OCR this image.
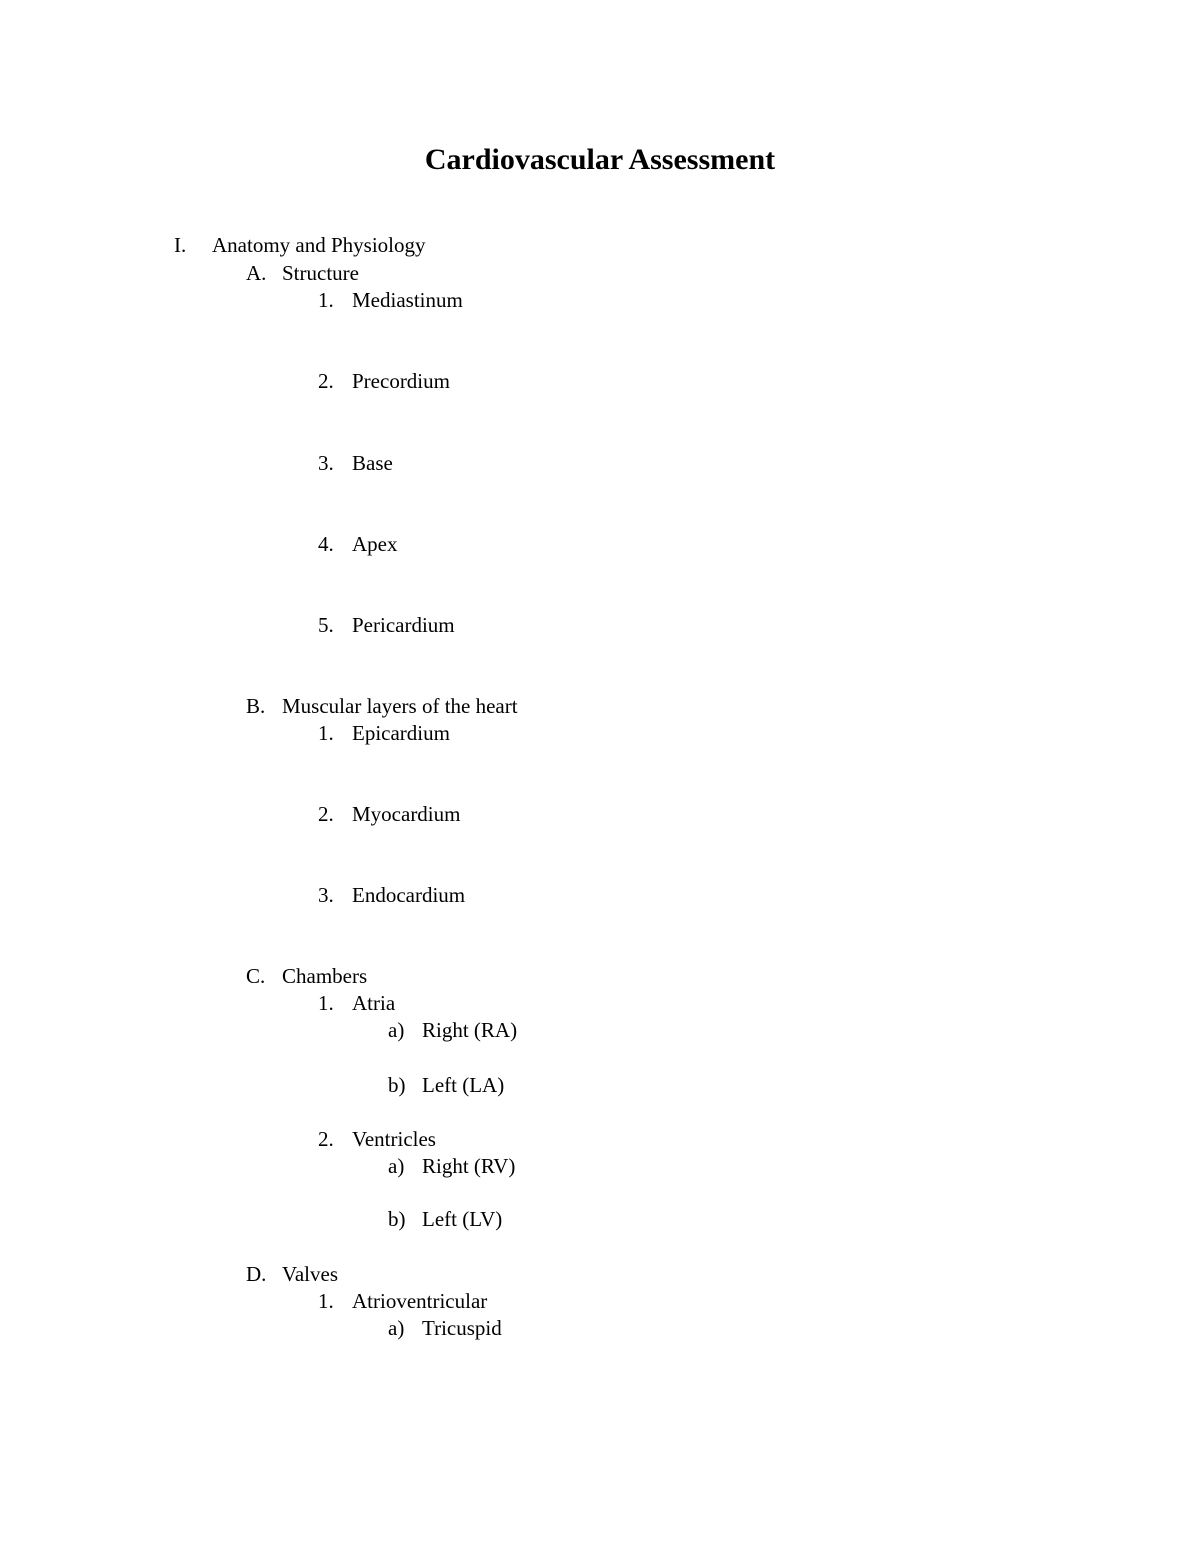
Cardiovascular Assessment
I. Anatomy and Physiology
A. Structure
1. Mediastinum
2. Precordium
3. Base
4. Apex
5. Pericardium
B. Muscular layers of the heart
1. Epicardium
2. Myocardium
3. Endocardium
C. Chambers
1. Atria
a) Right (RA)
b) Left (LA)
2. Ventricles
a) Right (RV)
b) Left (LV)
D. Valves
1. Atrioventricular
a) Tricuspid
